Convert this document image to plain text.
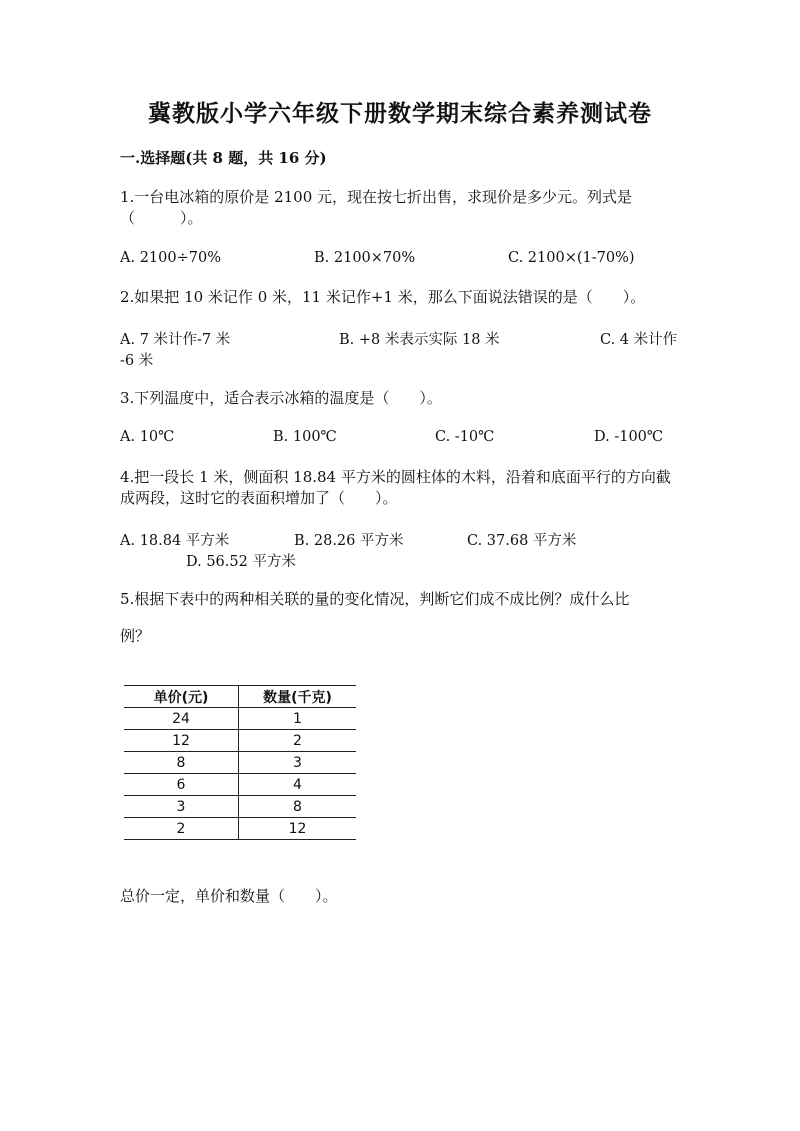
冀教版小学六年级下册数学期末综合素养测试卷
一.选择题(共 8 题，共 16 分)
1.一台电冰箱的原价是 2100 元，现在按七折出售，求现价是多少元。列式是（　　　）。
A. 2100÷70%	B. 2100×70%	C. 2100×(1-70%)
2.如果把 10 米记作 0 米，11 米记作+1 米，那么下面说法错误的是（　　）。
A. 7 米计作-7 米	B. +8 米表示实际 18 米	C. 4 米计作
-6 米
3.下列温度中，适合表示冰箱的温度是（　　）。
A. 10℃	B. 100℃	C. -10℃	D. -100℃
4.把一段长 1 米，侧面积 18.84 平方米的圆柱体的木料，沿着和底面平行的方向截成两段，这时它的表面积增加了（　　）。
A. 18.84 平方米	B. 28.26 平方米	C. 37.68 平方米
D. 56.52 平方米
5.根据下表中的两种相关联的量的变化情况，判断它们成不成比例？成什么比
例？
单价(元)	数量(千克)
24	1
12	2
8	3
6	4
3	8
2	12
总价一定，单价和数量（　　）。
